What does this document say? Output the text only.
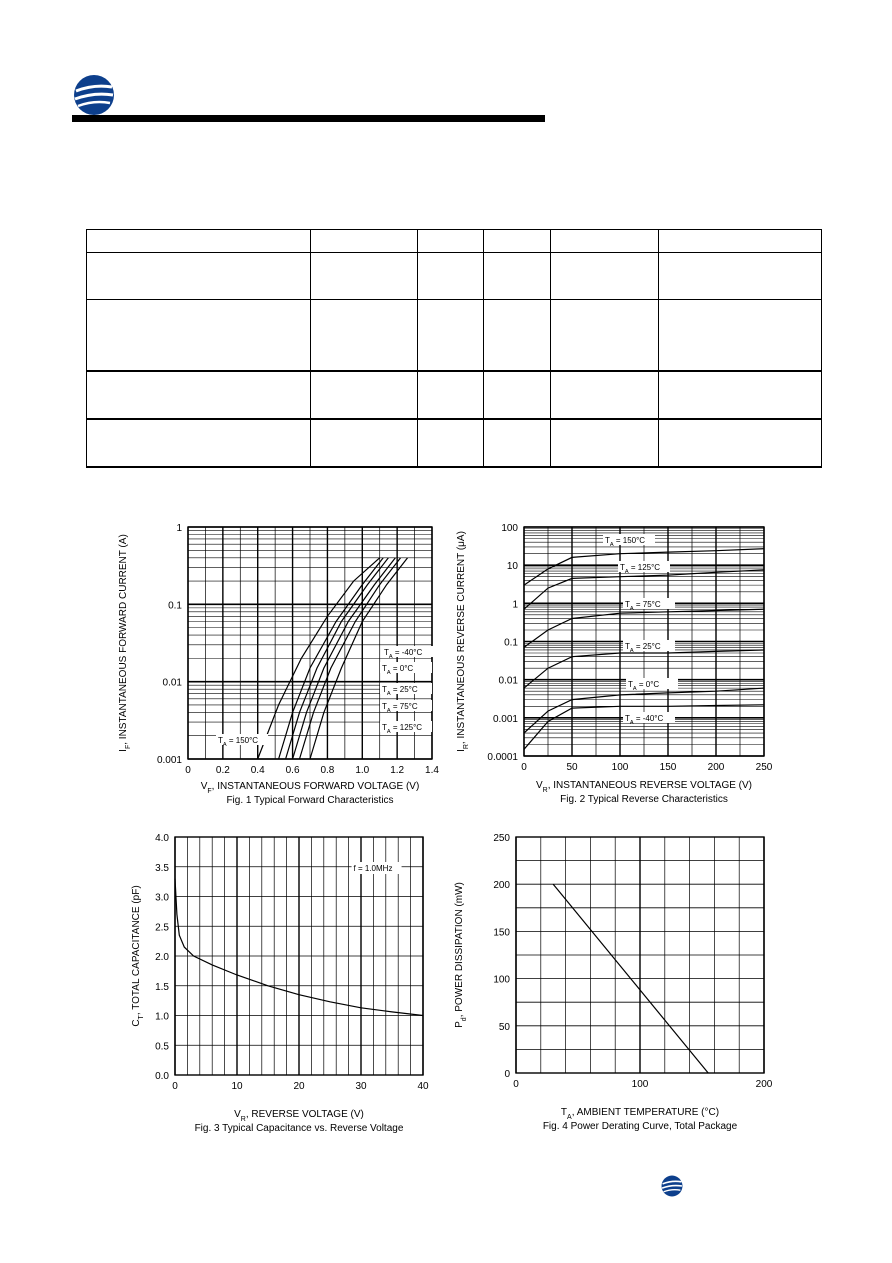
0	0.2 0.4 0.6 0.8 1.0 1.2 1.4
1
0.1
0.01
0.001
$V_F$, INSTANTANEOUS FORWARD VOLTAGE (V)
$I_F$, INSTANTANEOUS FORWARD CURRENT (A)
Fig. 1 Typical Forward Characteristics
$T_A = 150^\circ C$
$T_A = 125^\circ C$
$T_A = 75^\circ C$
$T_A = 25^\circ C$
$T_A = 0^\circ C$
$T_A = -40^\circ C$
0	50	100	150	200	250
100
10
1
0.1
0.01
0.001
0.0001
$V_R$, INSTANTANEOUS REVERSE VOLTAGE (V)
$I_R$, INSTANTANEOUS REVERSE CURRENT (μA)
Fig. 2 Typical Reverse Characteristics
$T_A = 150^\circ C$
$T_A = 125^\circ C$
$T_A = 75^\circ C$
$T_A = 25^\circ C$
$T_A = 0^\circ C$
$T_A = -40^\circ C$
0	10	20	30	40
4.0
3.5
3.0
2.5
2.0
1.5
1.0
0.5
0.0
$V_R$, REVERSE VOLTAGE (V)
$C_T$, TOTAL CAPACITANCE (pF)
Fig. 3 Typical Capacitance vs. Reverse Voltage
f = 1.0MHz
0	100	200
250
200
150
100
50
0
$T_A$, AMBIENT TEMPERATURE (°C)
$P_d$, POWER DISSIPATION (mW)
Fig. 4 Power Derating Curve, Total Package
